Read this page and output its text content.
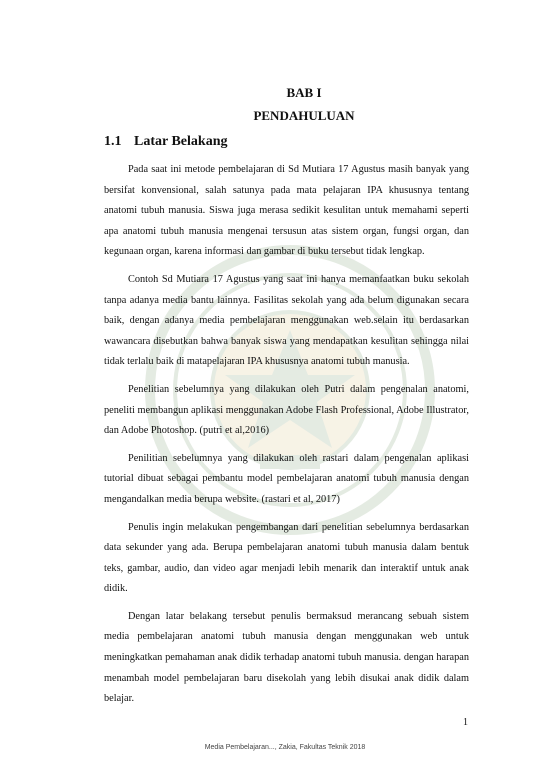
BAB I
PENDAHULUAN
1.1 Latar Belakang

Pada saat ini metode pembelajaran di Sd Mutiara 17 Agustus masih banyak yang bersifat konvensional, salah satunya pada mata pelajaran IPA khususnya tentang anatomi tubuh manusia. Siswa juga merasa sedikit kesulitan untuk memahami seperti apa anatomi tubuh manusia mengenai tersusun atas sistem organ, fungsi organ, dan kegunaan organ, karena informasi dan gambar di buku tersebut tidak lengkap.

Contoh Sd Mutiara 17 Agustus yang saat ini hanya memanfaatkan buku sekolah tanpa adanya media bantu lainnya. Fasilitas sekolah yang ada belum digunakan secara baik, dengan adanya media pembelajaran menggunakan web.selain itu berdasarkan wawancara disebutkan bahwa banyak siswa yang mendapatkan kesulitan sehingga nilai tidak terlalu baik di matapelajaran IPA khususnya anatomi tubuh manusia.

Penelitian sebelumnya yang dilakukan oleh Putri dalam pengenalan anatomi, peneliti membangun aplikasi menggunakan Adobe Flash Professional, Adobe Illustrator, dan Adobe Photoshop. (putri et al,2016)

Penilitian sebelumnya yang dilakukan oleh rastari dalam pengenalan aplikasi tutorial dibuat sebagai pembantu model pembelajaran anatomi tubuh manusia dengan mengandalkan media berupa website. (rastari et al, 2017)

Penulis ingin melakukan pengembangan dari penelitian sebelumnya berdasarkan data sekunder yang ada. Berupa pembelajaran anatomi tubuh manusia dalam bentuk teks, gambar, audio, dan video agar menjadi lebih menarik dan interaktif untuk anak didik.

Dengan latar belakang tersebut penulis bermaksud merancang sebuah sistem media pembelajaran anatomi tubuh manusia dengan menggunakan web untuk meningkatkan pemahaman anak didik terhadap anatomi tubuh manusia. dengan harapan menambah model pembelajaran baru disekolah yang lebih disukai anak didik dalam belajar.

1
Media Pembelajaran..., Zakia, Fakultas Teknik 2018
